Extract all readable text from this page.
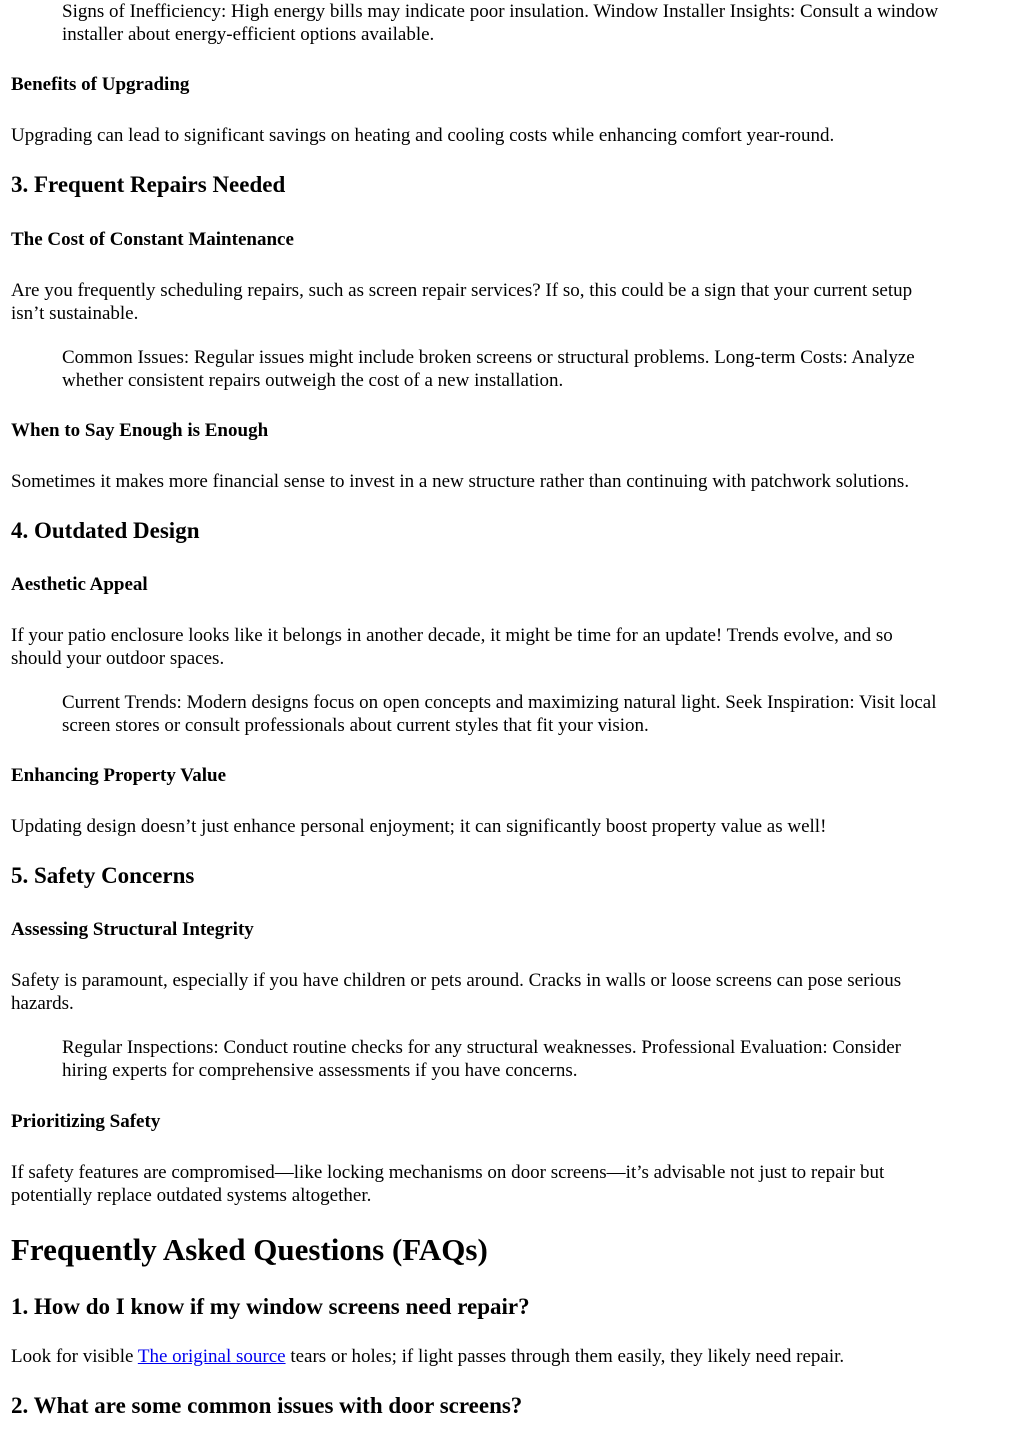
Signs of Inefficiency: High energy bills may indicate poor insulation. Window Installer Insights: Consult a window
installer about energy-efficient options available.
Benefits of Upgrading
Upgrading can lead to significant savings on heating and cooling costs while enhancing comfort year-round.
3. Frequent Repairs Needed
The Cost of Constant Maintenance
Are you frequently scheduling repairs, such as screen repair services? If so, this could be a sign that your current setup
isn’t sustainable.
Common Issues: Regular issues might include broken screens or structural problems. Long-term Costs: Analyze
whether consistent repairs outweigh the cost of a new installation.
When to Say Enough is Enough
Sometimes it makes more financial sense to invest in a new structure rather than continuing with patchwork solutions.
4. Outdated Design
Aesthetic Appeal
If your patio enclosure looks like it belongs in another decade, it might be time for an update! Trends evolve, and so
should your outdoor spaces.
Current Trends: Modern designs focus on open concepts and maximizing natural light. Seek Inspiration: Visit local
screen stores or consult professionals about current styles that fit your vision.
Enhancing Property Value
Updating design doesn’t just enhance personal enjoyment; it can significantly boost property value as well!
5. Safety Concerns
Assessing Structural Integrity
Safety is paramount, especially if you have children or pets around. Cracks in walls or loose screens can pose serious
hazards.
Regular Inspections: Conduct routine checks for any structural weaknesses. Professional Evaluation: Consider
hiring experts for comprehensive assessments if you have concerns.
Prioritizing Safety
If safety features are compromised—like locking mechanisms on door screens—it’s advisable not just to repair but
potentially replace outdated systems altogether.
Frequently Asked Questions (FAQs)
1. How do I know if my window screens need repair?
Look for visible The original source tears or holes; if light passes through them easily, they likely need repair.
2. What are some common issues with door screens?
